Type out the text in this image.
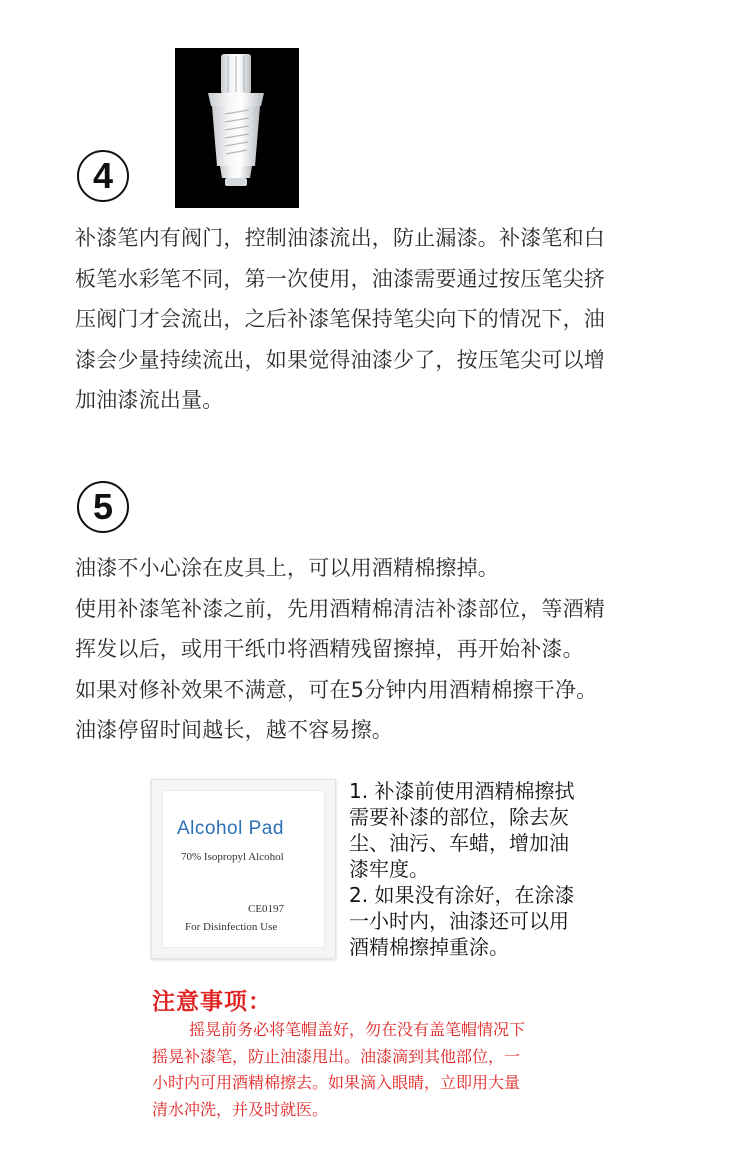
4
补漆笔内有阀门，控制油漆流出，防止漏漆。补漆笔和白
板笔水彩笔不同，第一次使用，油漆需要通过按压笔尖挤
压阀门才会流出，之后补漆笔保持笔尖向下的情况下，油
漆会少量持续流出，如果觉得油漆少了，按压笔尖可以增
加油漆流出量。
5
油漆不小心涂在皮具上，可以用酒精棉擦掉。
使用补漆笔补漆之前，先用酒精棉清洁补漆部位，等酒精
挥发以后，或用干纸巾将酒精残留擦掉，再开始补漆。
如果对修补效果不满意，可在5分钟内用酒精棉擦干净。
油漆停留时间越长，越不容易擦。
Alcohol Pad
70% Isopropyl Alcohol
CE0197
For Disinfection Use
1. 补漆前使用酒精棉擦拭
需要补漆的部位，除去灰
尘、油污、车蜡，增加油
漆牢度。
2. 如果没有涂好，在涂漆
一小时内，油漆还可以用
酒精棉擦掉重涂。
注意事项：
摇晃前务必将笔帽盖好，勿在没有盖笔帽情况下
摇晃补漆笔，防止油漆甩出。油漆滴到其他部位，一
小时内可用酒精棉擦去。如果滴入眼睛，立即用大量
清水冲洗，并及时就医。
